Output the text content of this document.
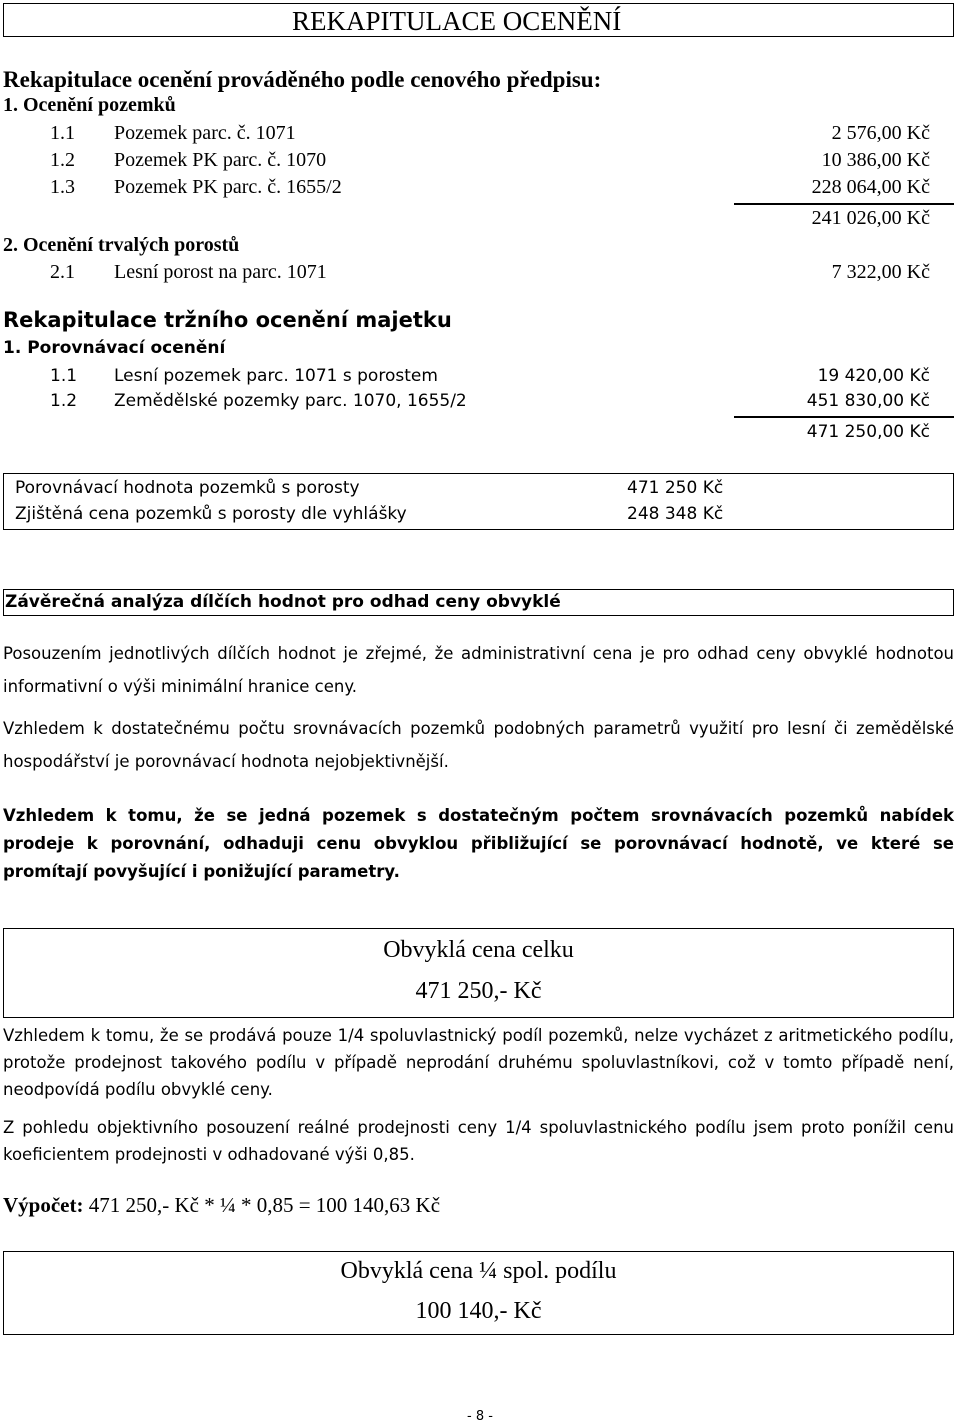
REKAPITULACE OCENĚNÍ
Rekapitulace ocenění prováděného podle cenového předpisu:
1. Ocenění pozemků
1.1 Pozemek parc. č. 1071	2 576,00 Kč
1.2 Pozemek PK parc. č. 1070	10 386,00 Kč
1.3 Pozemek PK parc. č. 1655/2	228 064,00 Kč
241 026,00 Kč
2. Ocenění trvalých porostů
2.1 Lesní porost na parc. 1071	7 322,00 Kč
Rekapitulace tržního ocenění majetku
1. Porovnávací ocenění
1.1 Lesní pozemek parc. 1071 s porostem	19 420,00 Kč
1.2 Zemědělské pozemky parc. 1070, 1655/2	451 830,00 Kč
471 250,00 Kč
Porovnávací hodnota pozemků s porosty	471 250 Kč
Zjištěná cena pozemků s porosty dle vyhlášky	248 348 Kč
Závěrečná analýza dílčích hodnot pro odhad ceny obvyklé
Posouzením jednotlivých dílčích hodnot je zřejmé, že administrativní cena je pro odhad ceny obvyklé hodnotou informativní o výši minimální hranice ceny.
Vzhledem k dostatečnému počtu srovnávacích pozemků podobných parametrů využití pro lesní či zemědělské hospodářství je porovnávací hodnota nejobjektivnější.
Vzhledem k tomu, že se jedná pozemek s dostatečným počtem srovnávacích pozemků nabídek prodeje k porovnání, odhaduji cenu obvyklou přibližující se porovnávací hodnotě, ve které se promítají povyšující i ponižující parametry.
Obvyklá cena celku
471 250,- Kč
Vzhledem k tomu, že se prodává pouze 1/4 spoluvlastnický podíl pozemků, nelze vycházet z aritmetického podílu, protože prodejnost takového podílu v případě neprodání druhému spoluvlastníkovi, což v tomto případě není, neodpovídá podílu obvyklé ceny.
Z pohledu objektivního posouzení reálné prodejnosti ceny 1/4 spoluvlastnického podílu jsem proto ponížil cenu koeficientem prodejnosti v odhadované výši 0,85.
Výpočet: 471 250,- Kč * ¼ * 0,85 = 100 140,63 Kč
Obvyklá cena ¼ spol. podílu
100 140,- Kč
- 8 -
